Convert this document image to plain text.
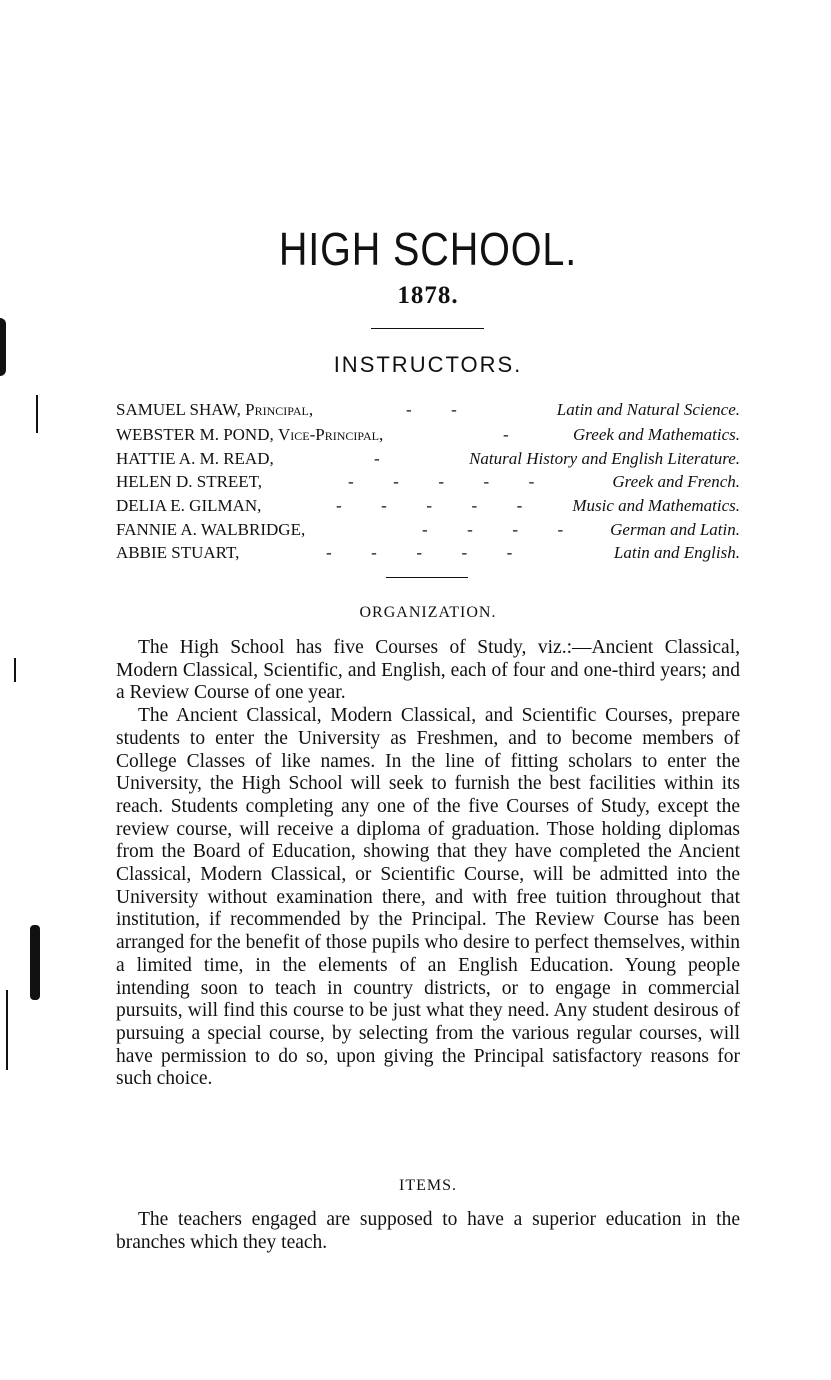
HIGH SCHOOL.
1878.
INSTRUCTORS.
SAMUEL SHAW, Principal,	-      -	Latin and Natural Science.
WEBSTER M. POND, Vice-Principal,	-	Greek and Mathematics.
HATTIE A. M. READ,	-	Natural History and English Literature.
HELEN D. STREET,	-      -      -      -      -	Greek and French.
DELIA E. GILMAN,	-      -      -      -      -	Music and Mathematics.
FANNIE A. WALBRIDGE,	-      -      -      -	German and Latin.
ABBIE STUART,	-      -      -      -      -	Latin and English.
ORGANIZATION.

The High School has five Courses of Study, viz.:—Ancient Classical, Modern Classical, Scientific, and English, each of four and one-third years; and a Review Course of one year.

The Ancient Classical, Modern Classical, and Scientific Courses, prepare students to enter the University as Freshmen, and to become members of College Classes of like names. In the line of fitting scholars to enter the University, the High School will seek to furnish the best facilities within its reach. Students completing any one of the five Courses of Study, except the review course, will receive a diploma of graduation. Those holding diplomas from the Board of Education, showing that they have completed the Ancient Classical, Modern Classical, or Scientific Course, will be admitted into the University without examination there, and with free tuition throughout that institution, if recommended by the Principal. The Review Course has been arranged for the benefit of those pupils who desire to perfect themselves, within a limited time, in the elements of an English Education. Young people intending soon to teach in country districts, or to engage in commercial pursuits, will find this course to be just what they need. Any student desirous of pursuing a special course, by selecting from the various regular courses, will have permission to do so, upon giving the Principal satisfactory reasons for such choice.

ITEMS.

The teachers engaged are supposed to have a superior education in the branches which they teach.
